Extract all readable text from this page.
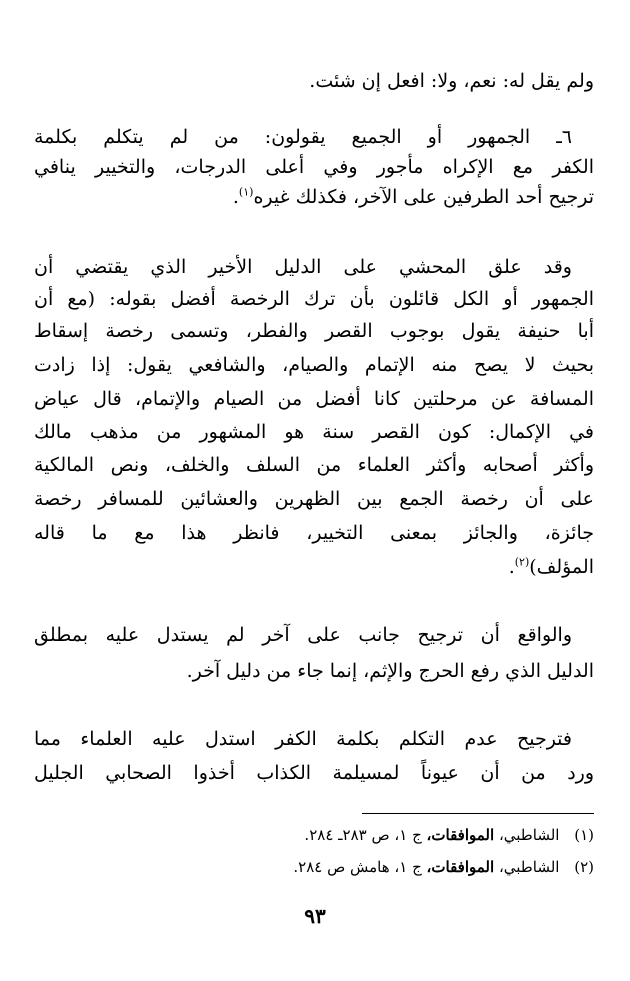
ولم يقل له: نعم، ولا: افعل إن شئت.
٦ـ الجمهور أو الجميع يقولون: من لم يتكلم بكلمة
الكفر مع الإكراه مأجور وفي أعلى الدرجات، والتخيير ينافي
ترجيح أحد الطرفين على الآخر، فكذلك غيره$^{(١)}$.
وقد علق المحشي على الدليل الأخير الذي يقتضي أن
الجمهور أو الكل قائلون بأن ترك الرخصة أفضل بقوله: (مع أن
أبا حنيفة يقول بوجوب القصر والفطر، وتسمى رخصة إسقاط
بحيث لا يصح منه الإتمام والصيام، والشافعي يقول: إذا زادت
المسافة عن مرحلتين كانا أفضل من الصيام والإتمام، قال عياض
في الإكمال: كون القصر سنة هو المشهور من مذهب مالك
وأكثر أصحابه وأكثر العلماء من السلف والخلف، ونص المالكية
على أن رخصة الجمع بين الظهرين والعشائين للمسافر رخصة
جائزة، والجائز بمعنى التخيير، فانظر هذا مع ما قاله
المؤلف)$^{(٢)}$.
والواقع أن ترجيح جانب على آخر لم يستدل عليه بمطلق
الدليل الذي رفع الحرج والإثم، إنما جاء من دليل آخر.
فترجيح عدم التكلم بكلمة الكفر استدل عليه العلماء مما
ورد من أن عيوناً لمسيلمة الكذاب أخذوا الصحابي الجليل
(١) الشاطبي، الموافقات، ج ١، ص ٢٨٣ـ ٢٨٤.
(٢) الشاطبي، الموافقات، ج ١، هامش ص ٢٨٤.
٩٣
